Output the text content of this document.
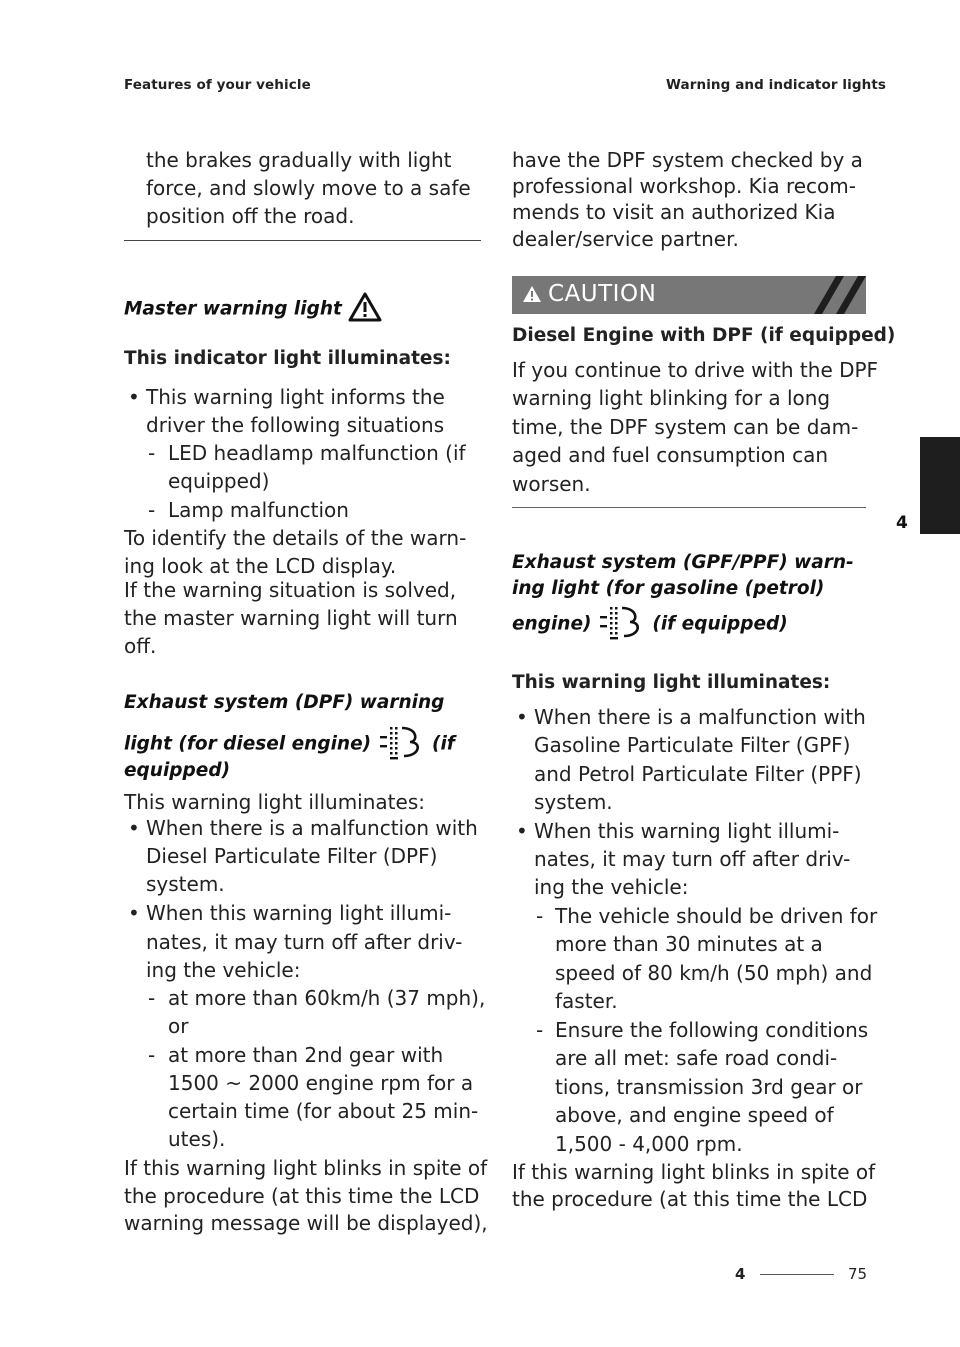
Features of your vehicle	Warning and indicator lights
4
the brakes gradually with light
force, and slowly move to a safe
position off the road.
Master warning light
This indicator light illuminates:
• This warning light informs the
driver the following situations
- LED headlamp malfunction (if
equipped)
- Lamp malfunction
To identify the details of the warn-
ing look at the LCD display.
If the warning situation is solved,
the master warning light will turn
off.
Exhaust system (DPF) warning
light (for diesel engine)	(if
equipped)
This warning light illuminates:
• When there is a malfunction with
Diesel Particulate Filter (DPF)
system.
• When this warning light illumi-
nates, it may turn off after driv-
ing the vehicle:
- at more than 60km/h (37 mph),
or
- at more than 2nd gear with
1500 ~ 2000 engine rpm for a
certain time (for about 25 min-
utes).
If this warning light blinks in spite of
the procedure (at this time the LCD
warning message will be displayed),
have the DPF system checked by a
professional workshop. Kia recom-
mends to visit an authorized Kia
dealer/service partner.
CAUTION
Diesel Engine with DPF (if equipped)
If you continue to drive with the DPF
warning light blinking for a long
time, the DPF system can be dam-
aged and fuel consumption can
worsen.
Exhaust system (GPF/PPF) warn-
ing light (for gasoline (petrol)
engine)	(if equipped)
This warning light illuminates:
• When there is a malfunction with
Gasoline Particulate Filter (GPF)
and Petrol Particulate Filter (PPF)
system.
• When this warning light illumi-
nates, it may turn off after driv-
ing the vehicle:
- The vehicle should be driven for
more than 30 minutes at a
speed of 80 km/h (50 mph) and
faster.
- Ensure the following conditions
are all met: safe road condi-
tions, transmission 3rd gear or
above, and engine speed of
1,500 - 4,000 rpm.
If this warning light blinks in spite of
the procedure (at this time the LCD
4	75
